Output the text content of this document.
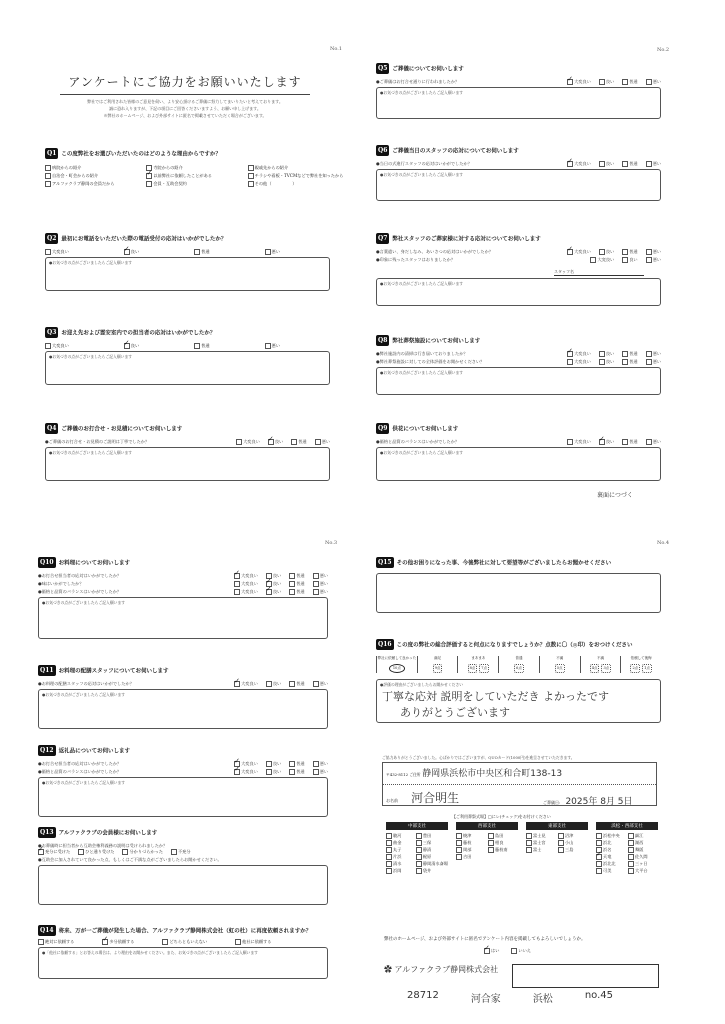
No.1
アンケートにご協力をお願いいたします
弊社ではご利用された皆様のご意見を伺い、より安心頂けるご葬儀に努力してまいりたいと考えております。
誠に恐れ入りますが、下記の項目にご回答くださいますよう、お願い申し上げます。
※弊社のホームページ、および外部サイトに匿名で掲載させていただく場合がございます。
Q1 この度弊社をお選びいただいたのはどのような理由からですか？
病院からの紹介	寺院からの紹介	親戚先からの紹介
自治会・町会からの紹介 ✓	以前弊社に依頼したことがある	チラシや看板・TVCMなどで弊社を知ったから
アルファクラブ静岡の会員だから	会員・互助会契約	その他（　　　　　）
Q2 最初にお電話をいただいた際の電話受付の応対はいかがでしたか？
大変良い ✓	良い	普通	悪い
●お気づきの点がございましたらご記入願います
Q3 お迎え先および霊安室内での担当者の応対はいかがでしたか？
大変良い ✓	良い	普通	悪い
●お気づきの点がございましたらご記入願います
Q4 ご葬儀のお打合せ・お見積についてお伺いします
●ご葬儀のお打合せ・お見積のご説明は丁寧でしたか？	大変良い ✓	良い	普通	悪い
●お気づきの点がございましたらご記入願います
No.2
Q5 ご葬儀についてお伺いします
●ご葬儀はお打合せ通りに行われましたか？ ✓	大変良い	良い	普通	悪い
●お気づきの点がございましたらご記入願います
Q6 ご葬儀当日のスタッフの応対についてお伺いします
●当日の式進行スタッフの応対はいかがでしたか？ ✓	大変良い	良い	普通	悪い
●お気づきの点がございましたらご記入願います
Q7 弊社スタッフのご葬家様に対する応対についてお伺いします
●言葉遣い、身だしなみ、あいさつの応対はいかがでしたか？ ✓	大変良い	良い	普通	悪い
●印象に残ったスタッフはおりましたか？	大変良い	良い	悪い
スタッフ名
●お気づきの点がございましたらご記入願います
Q8 弊社葬祭施設についてお伺いします
●弊社施設内の清掃は行き届いておりましたか？ ✓	大変良い	良い	普通	悪い
●弊社葬祭施設に対しての全体評価をお聞かせください？	大変良い	良い	普通	悪い
●お気づきの点がございましたらご記入願います
Q9 供花についてお伺いします
●価格と品質のバランスはいかがでしたか？	大変良い ✓	良い	普通	悪い
●お気づきの点がございましたらご記入願います
裏面につづく
No.3
Q10 お料理についてお伺いします
●お打合せ担当者の応対はいかがでしたか？ ✓	大変良い	良い	普通	悪い
●味はいかがでしたか？	大変良い ✓	良い	普通	悪い
●価格と品質のバランスはいかがでしたか？	大変良い ✓	良い	普通	悪い
●お気づきの点がございましたらご記入願います
Q11 お料理の配膳スタッフについてお伺いします
●お料理の配膳スタッフの応対はいかがでしたか？ ✓	大変良い	良い	普通	悪い
●お気づきの点がございましたらご記入願います
Q12 返礼品についてお伺いします
●お打合せ担当者の応対はいかがでしたか？ ✓	大変良い	良い	普通	悪い
●価格と品質のバランスはいかがでしたか？ ✓	大変良い	良い	普通	悪い
●お気づきの点がございましたらご記入願います
Q13 アルファクラブの会員様にお伺いします
●お葬儀時に担当者から互助会権利義務の説明は受けられましたか？
✓充分に受けた	ひと通り受けた	分かりづらかった	不充分
●互助会に加入されていて良かった点、もしくはご不満な点がございましたらお聞かせください。
Q14 将来、万が一ご葬儀が発生した場合、アルファクラブ静岡株式会社（虹の杜）に再度依頼されますか？
絶対に依頼する ✓	多分依頼する	どちらともいえない	他社に依頼する
●「他社に依頼する」とお答えの場合は、より理由をお聞かせください。また、お気づきの点がございましたらご記入願います
No.4
Q15 その他お困りになった事、今後弊社に対して要望等がございましたらお聞かせください
Q16 この度の弊社の総合評価すると何点になりますでしょうか？点数に〇（◎印）をおつけください
弊社に依頼して良かった
10点
満足
9点
まあまあ
8点	7点
普通
6点
不満
5点
不満
4点	3点
依頼して後悔
2点	1点
●評価の理由がございましたらお聞かせください
丁寧な応対 説明をしていただき よかったです
ありがとうございます
ご協力ありがとうございました。心ばかりではございますが、QUOカード(1000円)を進呈させていただきます。
〒432-8112 ご住所 静岡県浜松市中央区和合町138-13
お名前 河合明生	ご葬儀日: 2025年 8月 5日
【ご利用葬祭式場】□にレ(チェック)をお付けください
中部支社
駿河	豊田
曲金	三保
丸子	静清
片浜	梶原
清水	静岡清水斎場
浜岡	袋井
西部支社
焼津	島田
藤枝	相良
岡部	藤枝南
吉田
東部支社
富士見	沼津
富士宮	小山
富士	三島
浜松・西部支社
浜松中央	細江
浜北	湖西
浜名	舞阪
✓天竜	佐久間
浜北北	三ヶ日
可美	大平台
弊社のホームページ、および外部サイトに匿名でアンケート内容を掲載してもよろしいでしょうか。
✓はい	いいえ
✿ アルファクラブ静岡株式会社
28712	河合家	浜松	no.45
